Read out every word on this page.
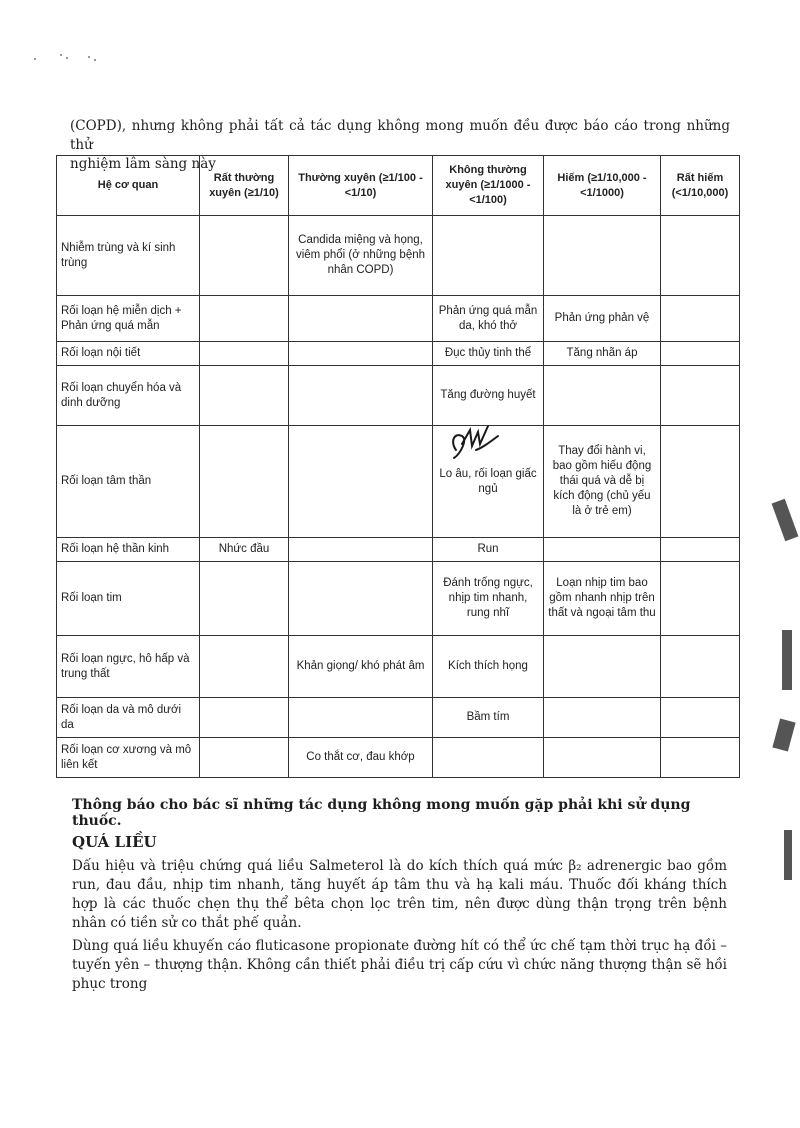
(COPD), nhưng không phải tất cả tác dụng không mong muốn đều được báo cáo trong những thử
nghiệm lâm sàng này
Hệ cơ quan	Rất thường xuyên (≥1/10)	Thường xuyên (≥1/100 - <1/10)	Không thường xuyên (≥1/1000 - <1/100)	Hiếm (≥1/10,000 - <1/1000)	Rất hiếm (<1/10,000)
Nhiễm trùng và kí sinh trùng		Candida miệng và họng, viêm phổi (ở những bệnh nhân COPD)			
Rối loạn hệ miễn dịch + Phản ứng quá mẫn			Phản ứng quá mẫn da, khó thở	Phản ứng phản vệ	
Rối loạn nội tiết			Đục thủy tinh thể	Tăng nhãn áp	
Rối loạn chuyển hóa và dinh dưỡng			Tăng đường huyết		
Rối loạn tâm thần			Lo âu, rối loạn giấc ngủ	Thay đổi hành vi, bao gồm hiếu động thái quá và dễ bị kích động (chủ yếu là ở trẻ em)	
Rối loạn hệ thần kinh	Nhức đầu		Run		
Rối loạn tim			Đánh trống ngực, nhịp tim nhanh, rung nhĩ	Loạn nhịp tim bao gồm nhanh nhịp trên thất và ngoại tâm thu	
Rối loạn ngực, hô hấp và trung thất		Khản giọng/ khó phát âm	Kích thích họng		
Rối loạn da và mô dưới da			Bầm tím		
Rối loạn cơ xương và mô liên kết		Co thắt cơ, đau khớp			
Thông báo cho bác sĩ những tác dụng không mong muốn gặp phải khi sử dụng thuốc.
QUÁ LIỀU
Dấu hiệu và triệu chứng quá liều Salmeterol là do kích thích quá mức β₂ adrenergic bao gồm run, đau đầu, nhịp tim nhanh, tăng huyết áp tâm thu và hạ kali máu. Thuốc đối kháng thích hợp là các thuốc chẹn thụ thể bêta chọn lọc trên tim, nên được dùng thận trọng trên bệnh nhân có tiền sử co thắt phế quản.
Dùng quá liều khuyến cáo fluticasone propionate đường hít có thể ức chế tạm thời trục hạ đồi – tuyến yên – thượng thận. Không cần thiết phải điều trị cấp cứu vì chức năng thượng thận sẽ hồi phục trong
